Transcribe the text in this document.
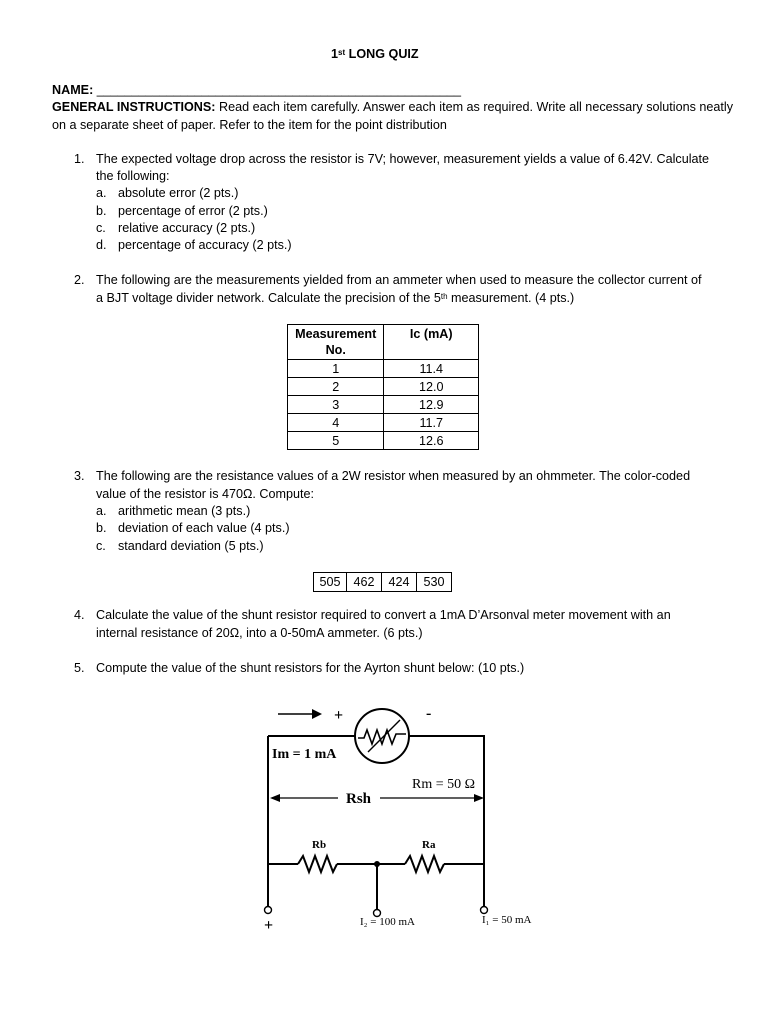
1st LONG QUIZ
NAME: ____________________________________________________
GENERAL INSTRUCTIONS: Read each item carefully. Answer each item as required. Write all necessary solutions neatly
on a separate sheet of paper. Refer to the item for the point distribution
1. The expected voltage drop across the resistor is 7V; however, measurement yields a value of 6.42V. Calculate
the following:
a. absolute error (2 pts.)
b. percentage of error (2 pts.)
c. relative accuracy (2 pts.)
d. percentage of accuracy (2 pts.)
2. The following are the measurements yielded from an ammeter when used to measure the collector current of
a BJT voltage divider network. Calculate the precision of the 5th measurement. (4 pts.)
Measurement
No.	Ic (mA)
1	11.4
2	12.0
3	12.9
4	11.7
5	12.6
3. The following are the resistance values of a 2W resistor when measured by an ohmmeter. The color-coded
value of the resistor is 470Ω. Compute:
a. arithmetic mean (3 pts.)
b. deviation of each value (4 pts.)
c. standard deviation (5 pts.)
505	462	424	530
4. Calculate the value of the shunt resistor required to convert a 1mA D’Arsonval meter movement with an
internal resistance of 20Ω, into a 0-50mA ammeter. (6 pts.)
5. Compute the value of the shunt resistors for the Ayrton shunt below: (10 pts.)
+	-
Im = 1 mA
Rm = 50 Ω
Rsh
Rb	Ra
+	I₂ = 100 mA	I₁ = 50 mA
